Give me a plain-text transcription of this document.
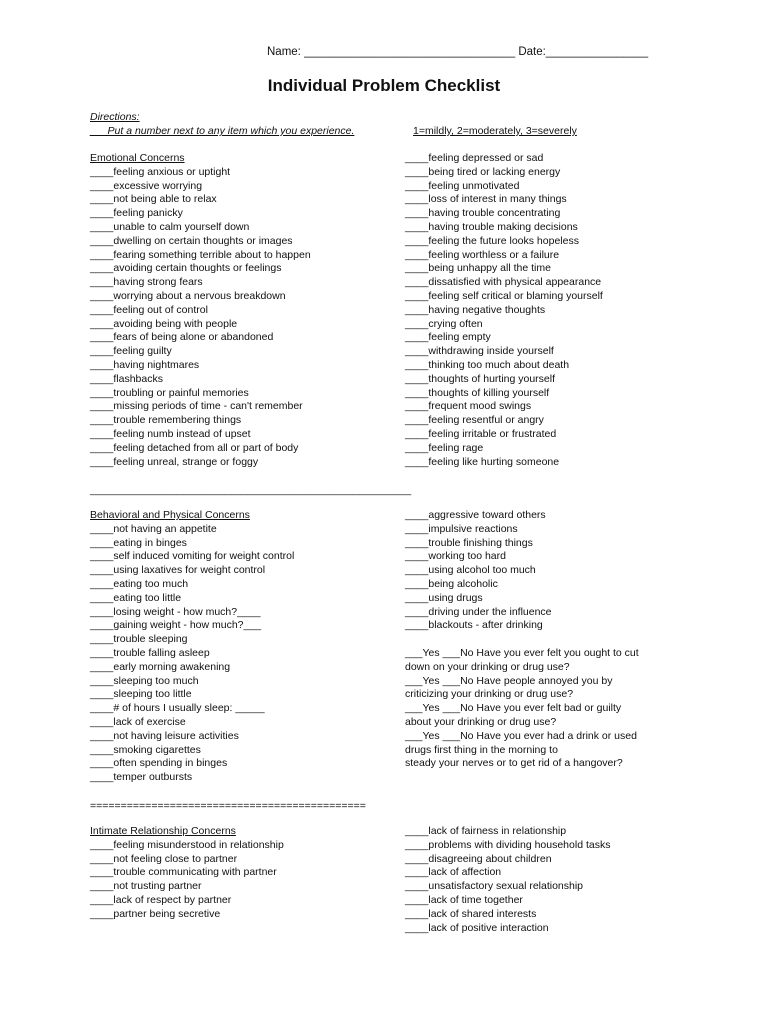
Name: _________________________________ Date:________________
Individual Problem Checklist
Directions:
___Put a number next to any item which you experience.	1=mildly, 2=moderately, 3=severely
Emotional Concerns
____feeling anxious or uptight
____excessive worrying
____not being able to relax
____feeling panicky
____unable to calm yourself down
____dwelling on certain thoughts or images
____fearing something terrible about to happen
____avoiding certain thoughts or feelings
____having strong fears
____worrying about a nervous breakdown
____feeling out of control
____avoiding being with people
____fears of being alone or abandoned
____feeling guilty
____having nightmares
____flashbacks
____troubling or painful memories
____missing periods of time - can't remember
____trouble remembering things
____feeling numb instead of upset
____feeling detached from all or part of body
____feeling unreal, strange or foggy
____feeling depressed or sad
____being tired or lacking energy
____feeling unmotivated
____loss of interest in many things
____having trouble concentrating
____having trouble making decisions
____feeling the future looks hopeless
____feeling worthless or a failure
____being unhappy all the time
____dissatisfied with physical appearance
____feeling self critical or blaming yourself
____having negative thoughts
____crying often
____feeling empty
____withdrawing inside yourself
____thinking too much about death
____thoughts of hurting yourself
____thoughts of killing yourself
____frequent mood swings
____feeling resentful or angry
____feeling irritable or frustrated
____feeling rage
____feeling like hurting someone
_______________________________________________________
Behavioral and Physical Concerns
____not having an appetite
____eating in binges
____self induced vomiting for weight control
____using laxatives for weight control
____eating too much
____eating too little
____losing weight - how much?____
____gaining weight - how much?___
____trouble sleeping
____trouble falling asleep
____early morning awakening
____sleeping too much
____sleeping too little
____# of hours I usually sleep: _____
____lack of exercise
____not having leisure activities
____smoking cigarettes
____often spending in binges
____temper outbursts
____aggressive toward others
____impulsive reactions
____trouble finishing things
____working too hard
____using alcohol too much
____being alcoholic
____using drugs
____driving under the influence
____blackouts - after drinking
___Yes ___No Have you ever felt you ought to cut
down on your drinking or drug use?
___Yes ___No Have people annoyed you by
criticizing your drinking or drug use?
___Yes ___No Have you ever felt bad or guilty
about your drinking or drug use?
___Yes ___No Have you ever had a drink or used
drugs first thing in the morning to
steady your nerves or to get rid of a hangover?
=============================================
Intimate Relationship Concerns
____feeling misunderstood in relationship
____not feeling close to partner
____trouble communicating with partner
____not trusting partner
____lack of respect by partner
____partner being secretive
____lack of fairness in relationship
____problems with dividing household tasks
____disagreeing about children
____lack of affection
____unsatisfactory sexual relationship
____lack of time together
____lack of shared interests
____lack of positive interaction
